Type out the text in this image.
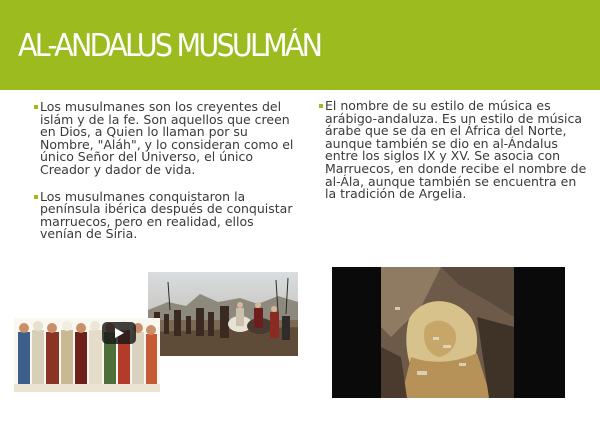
AL-ANDALUS MUSULMÁN
Los musulmanes son los creyentes del islám y de la fe. Son aquellos que creen en Dios, a Quien lo llaman por su Nombre, "Aláh", y lo consideran como el único Señor del Universo, el único Creador y dador de vida.
Los musulmanes conquistaron la península ibérica después de conquistar marruecos, pero en realidad, ellos venían de Siria.
El nombre de su estilo de música es arábigo-andaluza. Es un estilo de música árabe que se da en el África del Norte, aunque también se dio en al-Ándalus entre los siglos IX y XV. Se asocia con Marruecos, en donde recibe el nombre de al-Ála, aunque también se encuentra en la tradición de Argelia.
